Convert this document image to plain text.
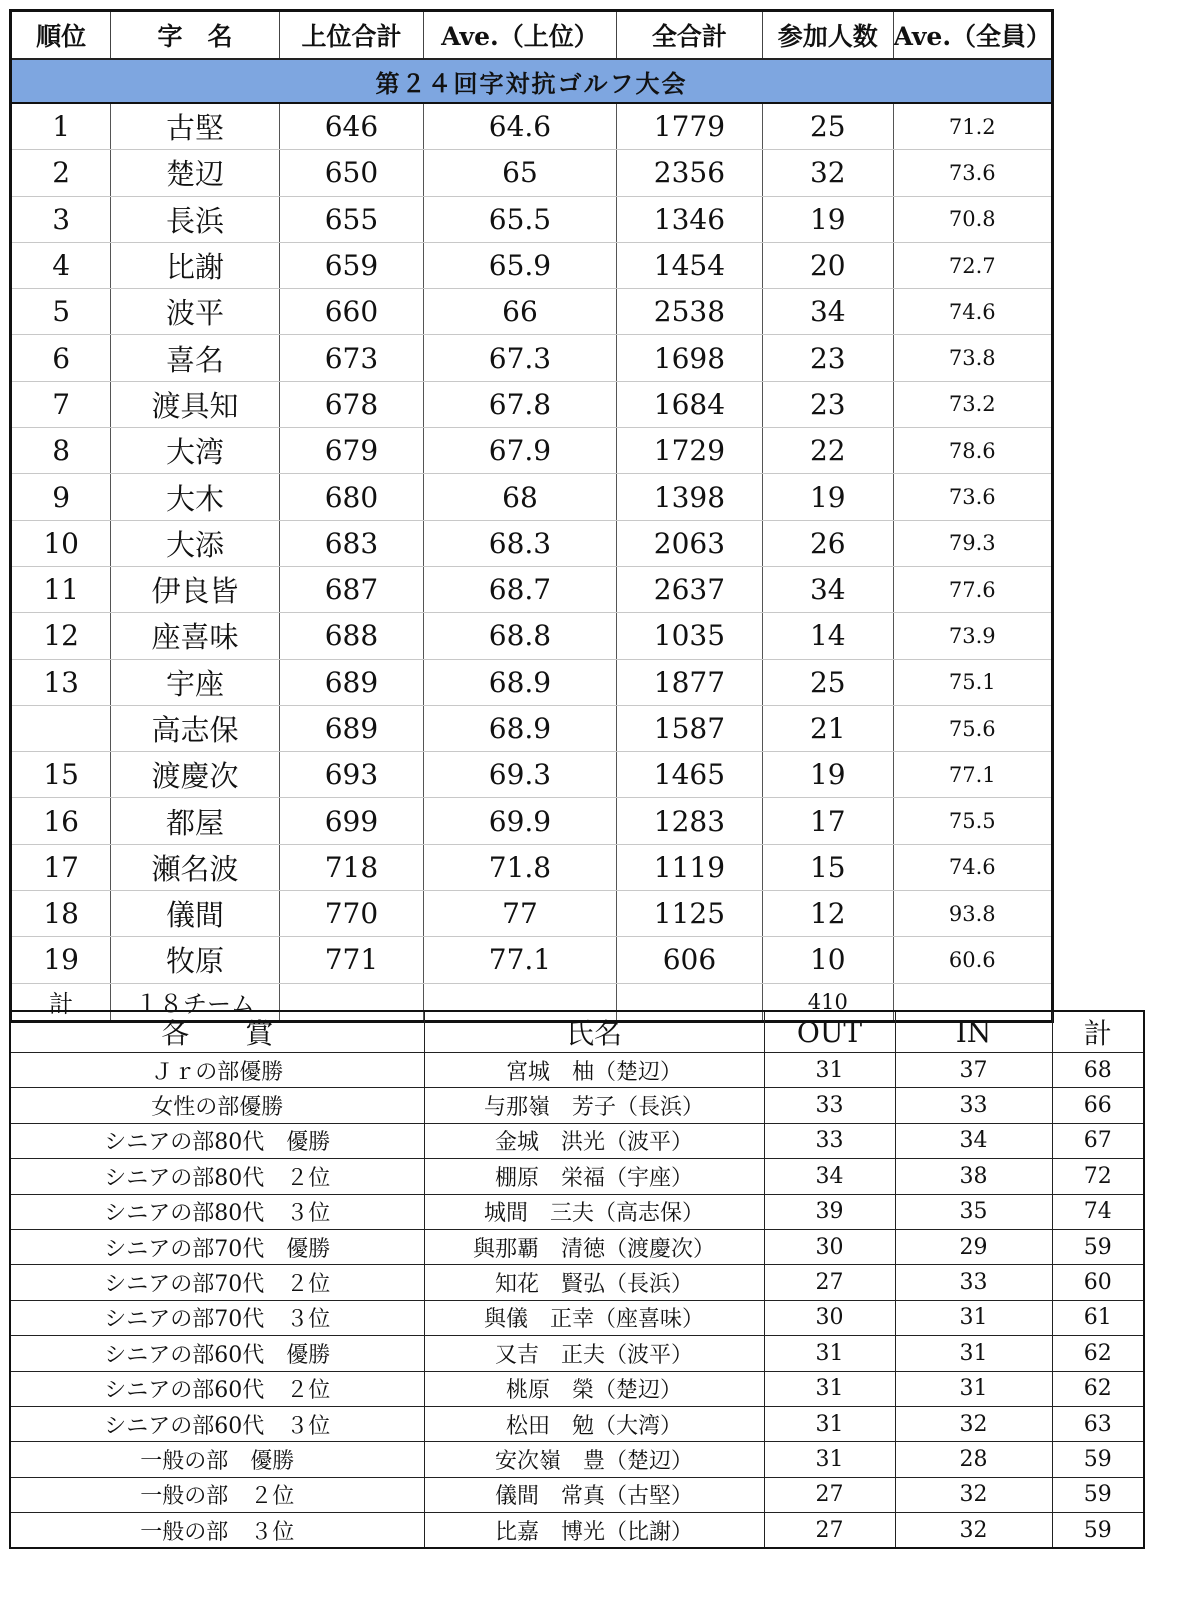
第２４回字対抗ゴルフ大会						
順位	字　名	上位合計	Ave.（上位）	全合計	参加人数	Ave.（全員）
1	古堅	646	64.6	1779	25	71.2
2	楚辺	650	65	2356	32	73.6
3	長浜	655	65.5	1346	19	70.8
4	比謝	659	65.9	1454	20	72.7
5	波平	660	66	2538	34	74.6
6	喜名	673	67.3	1698	23	73.8
7	渡具知	678	67.8	1684	23	73.2
8	大湾	679	67.9	1729	22	78.6
9	大木	680	68	1398	19	73.6
10	大添	683	68.3	2063	26	79.3
11	伊良皆	687	68.7	2637	34	77.6
12	座喜味	688	68.8	1035	14	73.9
13	宇座	689	68.9	1877	25	75.1
	高志保	689	68.9	1587	21	75.6
15	渡慶次	693	69.3	1465	19	77.1
16	都屋	699	69.9	1283	17	75.5
17	瀬名波	718	71.8	1119	15	74.6
18	儀間	770	77	1125	12	93.8
19	牧原	771	77.1	606	10	60.6
計	１８チーム				410	
各　　賞	氏名	OUT	IN	計
Ｊｒの部優勝	宮城　柚（楚辺）	31	37	68
女性の部優勝	与那嶺　芳子（長浜）	33	33	66
シニアの部80代　優勝	金城　洪光（波平）	33	34	67
シニアの部80代　２位	棚原　栄福（宇座）	34	38	72
シニアの部80代　３位	城間　三夫（高志保）	39	35	74
シニアの部70代　優勝	與那覇　清徳（渡慶次）	30	29	59
シニアの部70代　２位	知花　賢弘（長浜）	27	33	60
シニアの部70代　３位	與儀　正幸（座喜味）	30	31	61
シニアの部60代　優勝	又吉　正夫（波平）	31	31	62
シニアの部60代　２位	桃原　榮（楚辺）	31	31	62
シニアの部60代　３位	松田　勉（大湾）	31	32	63
一般の部　優勝	安次嶺　豊（楚辺）	31	28	59
一般の部　２位	儀間　常真（古堅）	27	32	59
一般の部　３位	比嘉　博光（比謝）	27	32	59
